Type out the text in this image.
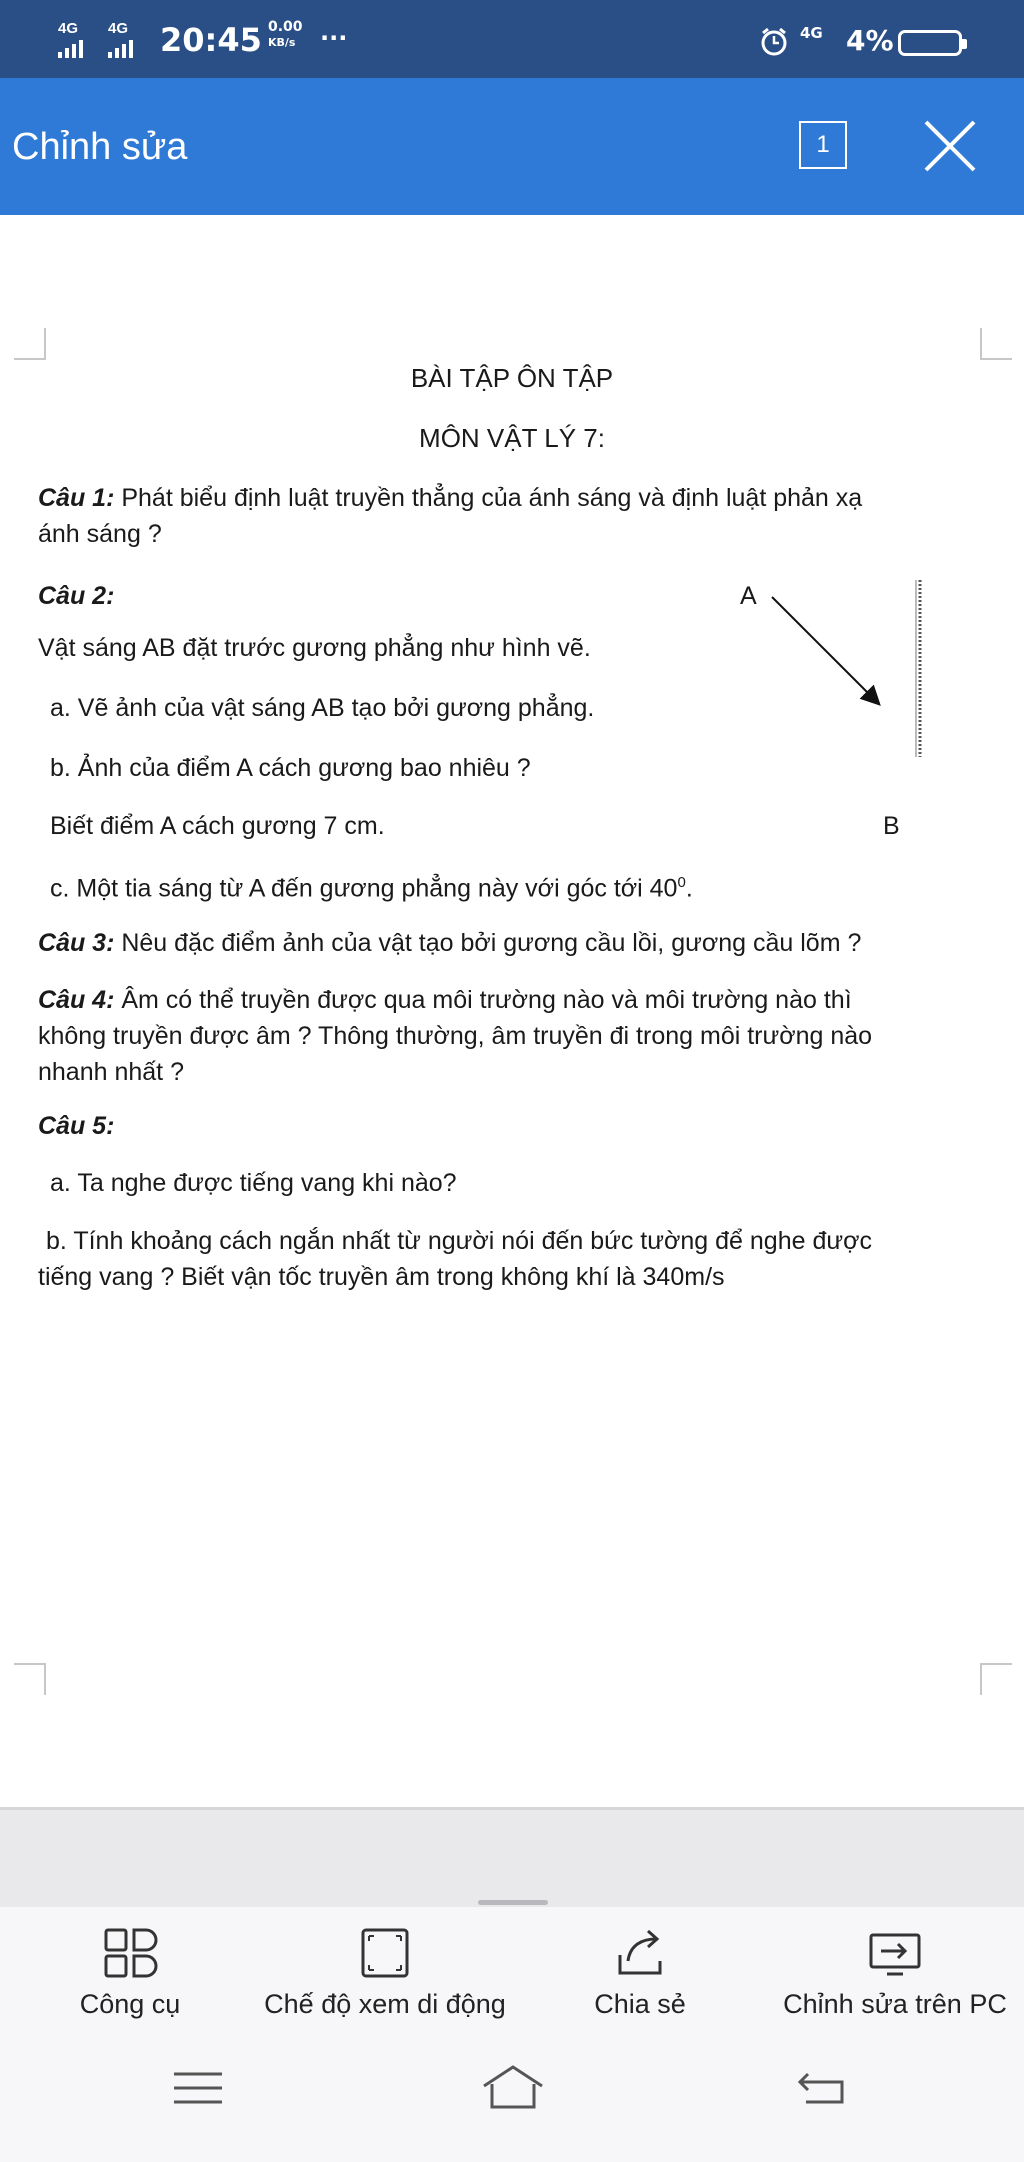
4G 4G 20:45 0.00
KB/s ···	4G 4%
Chỉnh sửa	1
BÀI TẬP ÔN TẬP
MÔN VẬT LÝ 7:
Câu 1: Phát biểu định luật truyền thẳng của ánh sáng và định luật phản xạ
ánh sáng ?
Câu 2:
Vật sáng AB đặt trước gương phẳng như hình vẽ.
a. Vẽ ảnh của vật sáng AB tạo bởi gương phẳng.
b. Ảnh của điểm A cách gương bao nhiêu ?
Biết điểm A cách gương 7 cm.
c. Một tia sáng từ A đến gương phẳng này với góc tới $40^0$.
A
B
Câu 3: Nêu đặc điểm ảnh của vật tạo bởi gương cầu lồi, gương cầu lõm ?
Câu 4: Âm có thể truyền được qua môi trường nào và môi trường nào thì
không truyền được âm ? Thông thường, âm truyền đi trong môi trường nào
nhanh nhất ?
Câu 5:
a. Ta nghe được tiếng vang khi nào?
b. Tính khoảng cách ngắn nhất từ người nói đến bức tường để nghe được
tiếng vang ? Biết vận tốc truyền âm trong không khí là 340m/s
Công cụ	Chế độ xem di động	Chia sẻ	Chỉnh sửa trên PC
